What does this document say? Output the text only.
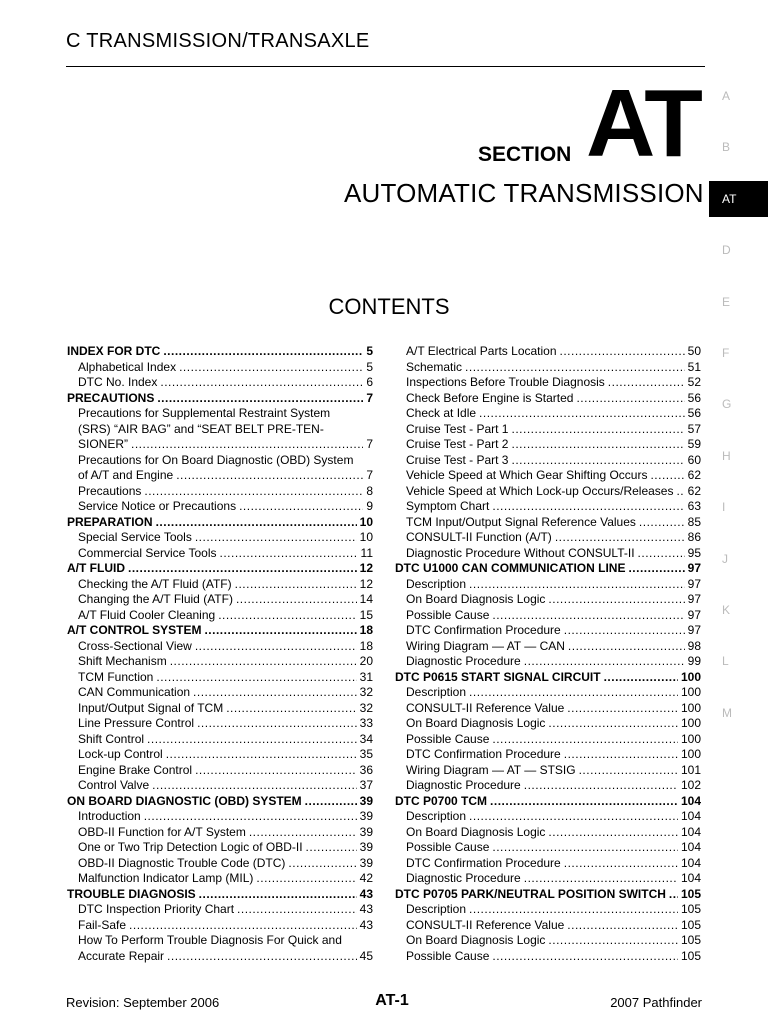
C TRANSMISSION/TRANSAXLE
SECTION AT
AUTOMATIC TRANSMISSION
CONTENTS
A
B
AT
D
E
F
G
H
I
J
K
L
M
INDEX FOR DTC .....	5
Alphabetical Index .....	5
DTC No. Index .....	6
PRECAUTIONS .....	7
Precautions for Supplemental Restraint System
(SRS) “AIR BAG” and “SEAT BELT PRE-TEN-
SIONER” .....	7
Precautions for On Board Diagnostic (OBD) System
of A/T and Engine .....	7
Precautions .....	8
Service Notice or Precautions .....	9
PREPARATION .....	10
Special Service Tools .....	10
Commercial Service Tools .....	11
A/T FLUID .....	12
Checking the A/T Fluid (ATF) .....	12
Changing the A/T Fluid (ATF) .....	14
A/T Fluid Cooler Cleaning .....	15
A/T CONTROL SYSTEM .....	18
Cross-Sectional View .....	18
Shift Mechanism .....	20
TCM Function .....	31
CAN Communication .....	32
Input/Output Signal of TCM .....	32
Line Pressure Control .....	33
Shift Control .....	34
Lock-up Control .....	35
Engine Brake Control .....	36
Control Valve .....	37
ON BOARD DIAGNOSTIC (OBD) SYSTEM .....	39
Introduction .....	39
OBD-II Function for A/T System .....	39
One or Two Trip Detection Logic of OBD-II .....	39
OBD-II Diagnostic Trouble Code (DTC) .....	39
Malfunction Indicator Lamp (MIL) .....	42
TROUBLE DIAGNOSIS .....	43
DTC Inspection Priority Chart .....	43
Fail-Safe .....	43
How To Perform Trouble Diagnosis For Quick and
Accurate Repair .....	45
A/T Electrical Parts Location .....	50
Schematic .....	51
Inspections Before Trouble Diagnosis .....	52
Check Before Engine is Started .....	56
Check at Idle .....	56
Cruise Test - Part 1 .....	57
Cruise Test - Part 2 .....	59
Cruise Test - Part 3 .....	60
Vehicle Speed at Which Gear Shifting Occurs .....	62
Vehicle Speed at Which Lock-up Occurs/Releases ..... 62
Symptom Chart .....	63
TCM Input/Output Signal Reference Values .....	85
CONSULT-II Function (A/T) .....	86
Diagnostic Procedure Without CONSULT-II .....	95
DTC U1000 CAN COMMUNICATION LINE .....	97
Description .....	97
On Board Diagnosis Logic .....	97
Possible Cause .....	97
DTC Confirmation Procedure .....	97
Wiring Diagram — AT — CAN .....	98
Diagnostic Procedure .....	99
DTC P0615 START SIGNAL CIRCUIT .....	100
Description .....	100
CONSULT-II Reference Value .....	100
On Board Diagnosis Logic .....	100
Possible Cause .....	100
DTC Confirmation Procedure .....	100
Wiring Diagram — AT — STSIG .....	101
Diagnostic Procedure .....	102
DTC P0700 TCM .....	104
Description .....	104
On Board Diagnosis Logic .....	104
Possible Cause .....	104
DTC Confirmation Procedure .....	104
Diagnostic Procedure .....	104
DTC P0705 PARK/NEUTRAL POSITION SWITCH ..... 105
Description .....	105
CONSULT-II Reference Value .....	105
On Board Diagnosis Logic .....	105
Possible Cause .....	105
Revision: September 2006	AT-1	2007 Pathfinder
